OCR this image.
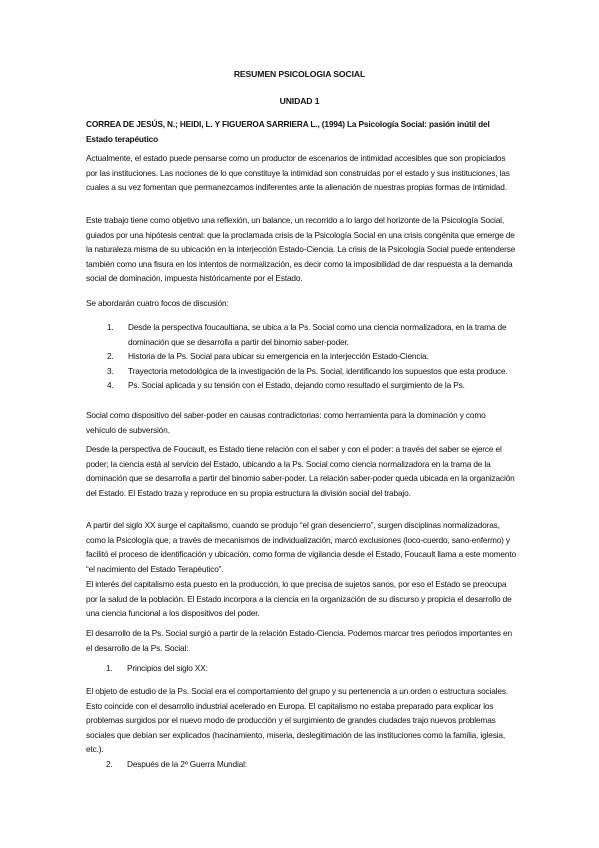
RESUMEN PSICOLOGIA SOCIAL
UNIDAD 1

CORREA DE JESÚS, N.; HEIDI, L. Y FIGUEROA SARRIERA L., (1994) La Psicología Social: pasión inútil del Estado terapéutico

Actualmente, el estado puede pensarse como un productor de escenarios de intimidad accesibles que son propiciados por las instituciones. Las nociones de lo que constituye la intimidad son construidas por el estado y sus instituciones, las cuales a su vez fomentan que permanezcamos indiferentes ante la alienación de nuestras propias formas de intimidad.

Este trabajo tiene como objetivo una reflexión, un balance, un recorrido a lo largo del horizonte de la Psicología Social, guiados por una hipótesis central: que la proclamada crisis de la Psicología Social en una crisis congénita que emerge de la naturaleza misma de su ubicación en la interjección Estado-Ciencia. La crisis de la Psicología Social puede entenderse también como una fisura en los intentos de normalización, es decir como la imposibilidad de dar respuesta a la demanda social de dominación, impuesta históricamente por el Estado.

Se abordarán cuatro focos de discusión:

1. Desde la perspectiva foucaultiana, se ubica a la Ps. Social como una ciencia normalizadora, en la trama de dominación que se desarrolla a partir del binomio saber-poder.
2. Historia de la Ps. Social para ubicar su emergencia en la interjección Estado-Ciencia.
3. Trayectoria metodológica de la investigación de la Ps. Social, identificando los supuestos que esta produce.
4. Ps. Social aplicada y su tensión con el Estado, dejando como resultado el surgimiento de la Ps.

Social como dispositivo del saber-poder en causas contradictorias: como herramienta para la dominación y como vehículo de subversión.

Desde la perspectiva de Foucault, es Estado tiene relación con el saber y con el poder: a través del saber se ejerce el poder; la ciencia está al servicio del Estado, ubicando a la Ps. Social como ciencia normalizadora en la trama de la dominación que se desarrolla a partir del binomio saber-poder. La relación saber-poder queda ubicada en la organización del Estado. El Estado traza y reproduce en su propia estructura la división social del trabajo.

A partir del siglo XX surge el capitalismo, cuando se produjo “el gran desencierro”, surgen disciplinas normalizadoras, como la Psicología que, a través de mecanismos de individualización, marcó exclusiones (loco-cuerdo, sano-enfermo) y facilitó el proceso de identificación y ubicación, como forma de vigilancia desde el Estado, Foucault llama a este momento “el nacimiento del Estado Terapéutico”.

El interés del capitalismo esta puesto en la producción, lo que precisa de sujetos sanos, por eso el Estado se preocupa por la salud de la población. El Estado incorpora a la ciencia en la organización de su discurso y propicia el desarrollo de una ciencia funcional a los dispositivos del poder.

El desarrollo de la Ps. Social surgió a partir de la relación Estado-Ciencia. Podemos marcar tres periodos importantes en el desarrollo de la Ps. Social:

1. Principios del siglo XX:

El objeto de estudio de la Ps. Social era el comportamiento del grupo y su pertenencia a un orden o estructura sociales. Esto coincide con el desarrollo industrial acelerado en Europa. El capitalismo no estaba preparado para explicar los problemas surgidos por el nuevo modo de producción y el surgimiento de grandes ciudades trajo nuevos problemas sociales que debían ser explicados (hacinamiento, miseria, deslegitimación de las instituciones como la familia, iglesia, etc.).

2. Después de la 2º Guerra Mundial:
